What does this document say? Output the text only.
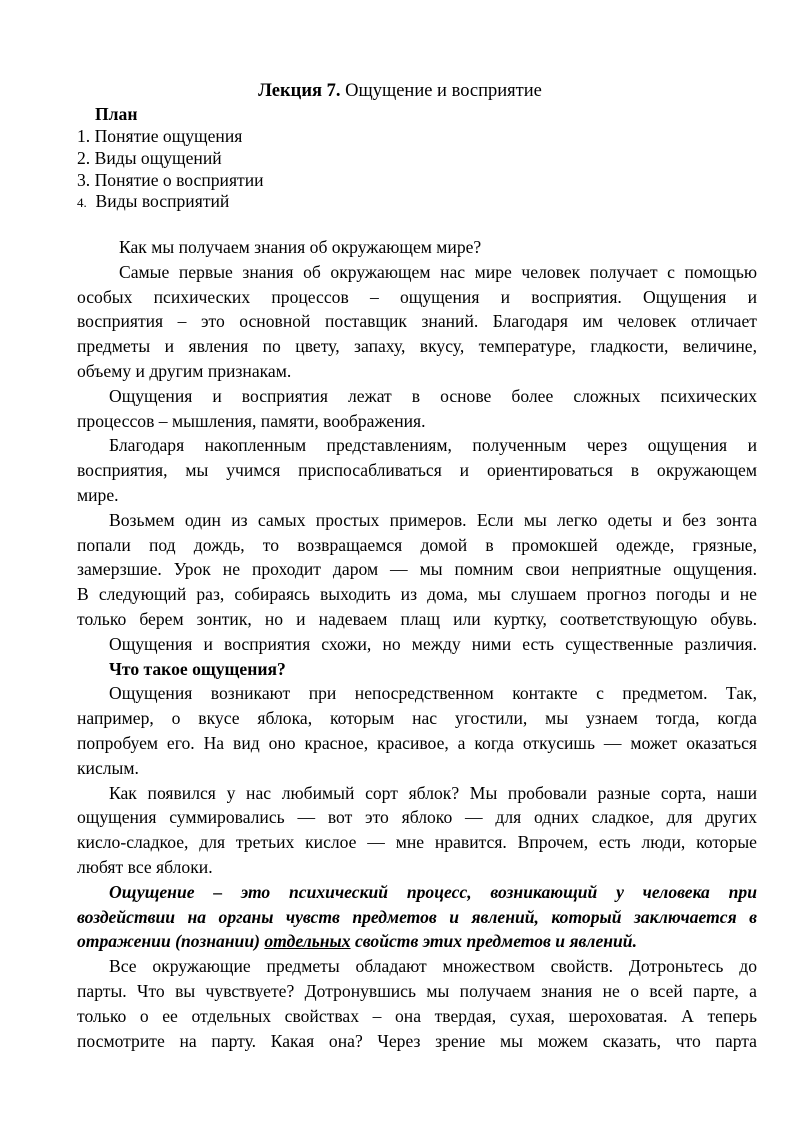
Лекция 7. Ощущение и восприятие
План
1. Понятие ощущения
2. Виды ощущений
3. Понятие о восприятии
4.  Виды восприятий
Как мы получаем знания об окружающем мире?
Самые первые знания об окружающем нас мире человек получает с помощью
особых психических процессов – ощущения и восприятия. Ощущения и
восприятия – это основной поставщик знаний. Благодаря им человек отличает
предметы и явления по цвету, запаху, вкусу, температуре, гладкости, величине,
объему и другим признакам.
Ощущения и восприятия лежат в основе более сложных психических
процессов – мышления, памяти, воображения.
Благодаря накопленным представлениям, полученным через ощущения и
восприятия, мы учимся приспосабливаться и ориентироваться в окружающем
мире.
Возьмем один из самых простых примеров. Если мы легко одеты и без зонта
попали под дождь, то возвращаемся домой в промокшей одежде, грязные,
замерзшие. Урок не проходит даром — мы помним свои неприятные ощущения.
В следующий раз, собираясь выходить из дома, мы слушаем прогноз погоды и не
только берем зонтик, но и надеваем плащ или куртку, соответствующую обувь.
Ощущения и восприятия схожи, но между ними есть существенные различия.
Что такое ощущения?
Ощущения возникают при непосредственном контакте с предметом. Так,
например, о вкусе яблока, которым нас угостили, мы узнаем тогда, когда
попробуем его. На вид оно красное, красивое, а когда откусишь — может оказаться
кислым.
Как появился у нас любимый сорт яблок? Мы пробовали разные сорта, наши
ощущения суммировались — вот это яблоко — для одних сладкое, для других
кисло-сладкое, для третьих кислое — мне нравится. Впрочем, есть люди, которые
любят все яблоки.
Ощущение – это психический процесс, возникающий у человека при
воздействии на органы чувств предметов и явлений, который заключается в
отражении (познании) отдельных свойств этих предметов и явлений.
Все окружающие предметы обладают множеством свойств. Дотроньтесь до
парты. Что вы чувствуете? Дотронувшись мы получаем знания не о всей парте, а
только о ее отдельных свойствах – она твердая, сухая, шероховатая. А теперь
посмотрите на парту. Какая она? Через зрение мы можем сказать, что парта
